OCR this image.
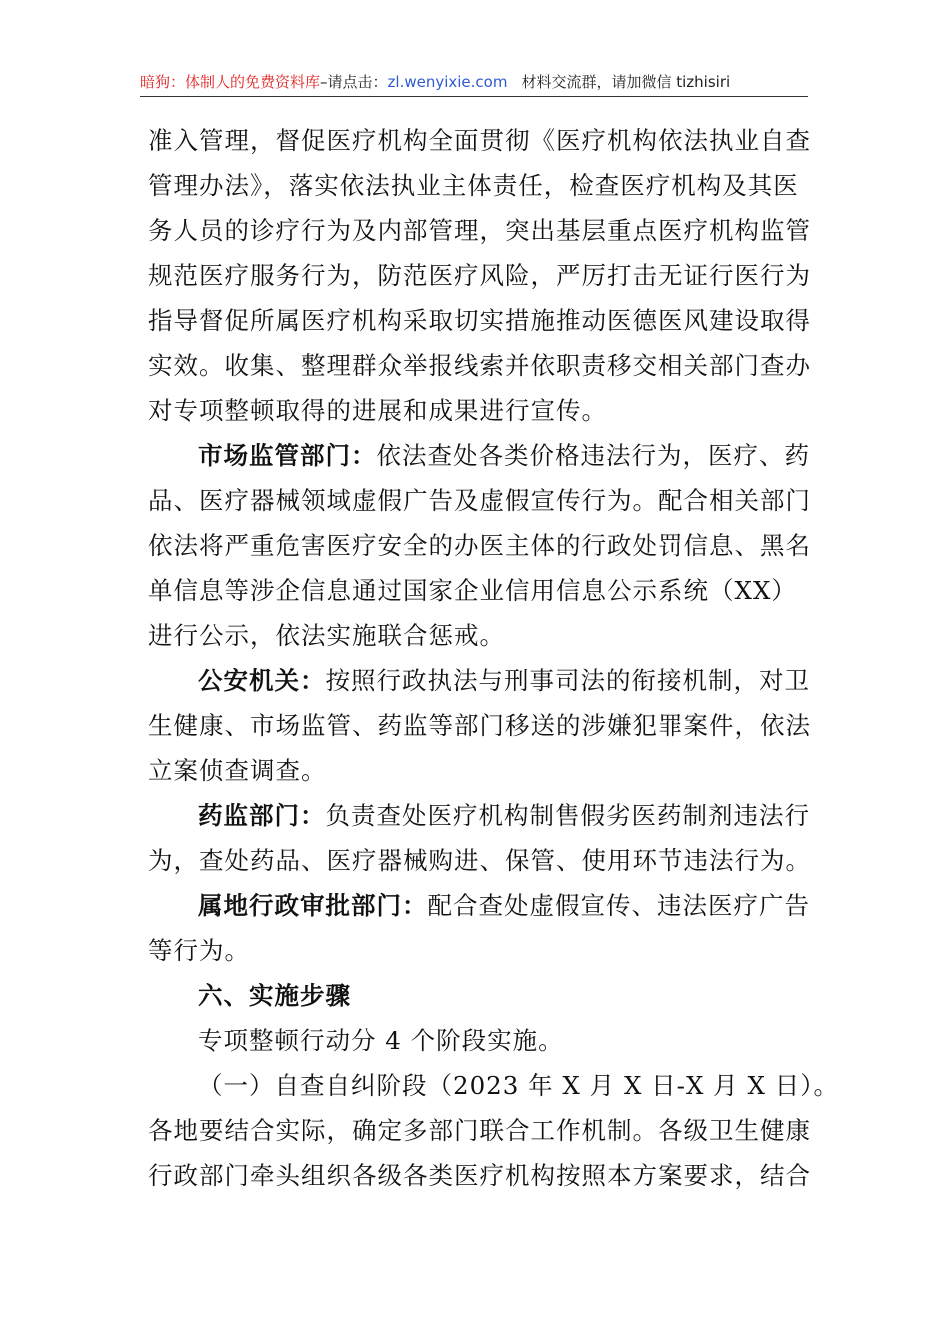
暗狗：体制人的免费资料库–请点击：zl.wenyixie.com 材料交流群，请加微信 tizhisiri

准入管理，督促医疗机构全面贯彻《医疗机构依法执业自查
管理办法》，落实依法执业主体责任，检查医疗机构及其医
务人员的诊疗行为及内部管理，突出基层重点医疗机构监管
规范医疗服务行为，防范医疗风险，严厉打击无证行医行为
指导督促所属医疗机构采取切实措施推动医德医风建设取得
实效。收集、整理群众举报线索并依职责移交相关部门查办
对专项整顿取得的进展和成果进行宣传。

市场监管部门：依法查处各类价格违法行为，医疗、药
品、医疗器械领域虚假广告及虚假宣传行为。配合相关部门
依法将严重危害医疗安全的办医主体的行政处罚信息、黑名
单信息等涉企信息通过国家企业信用信息公示系统（XX）
进行公示，依法实施联合惩戒。

公安机关：按照行政执法与刑事司法的衔接机制，对卫
生健康、市场监管、药监等部门移送的涉嫌犯罪案件，依法
立案侦查调查。

药监部门：负责查处医疗机构制售假劣医药制剂违法行
为，查处药品、医疗器械购进、保管、使用环节违法行为。

属地行政审批部门：配合查处虚假宣传、违法医疗广告
等行为。

六、实施步骤

专项整顿行动分 4 个阶段实施。

（一）自查自纠阶段（2023 年 X 月 X 日-X 月 X 日）。
各地要结合实际，确定多部门联合工作机制。各级卫生健康
行政部门牵头组织各级各类医疗机构按照本方案要求，结合
